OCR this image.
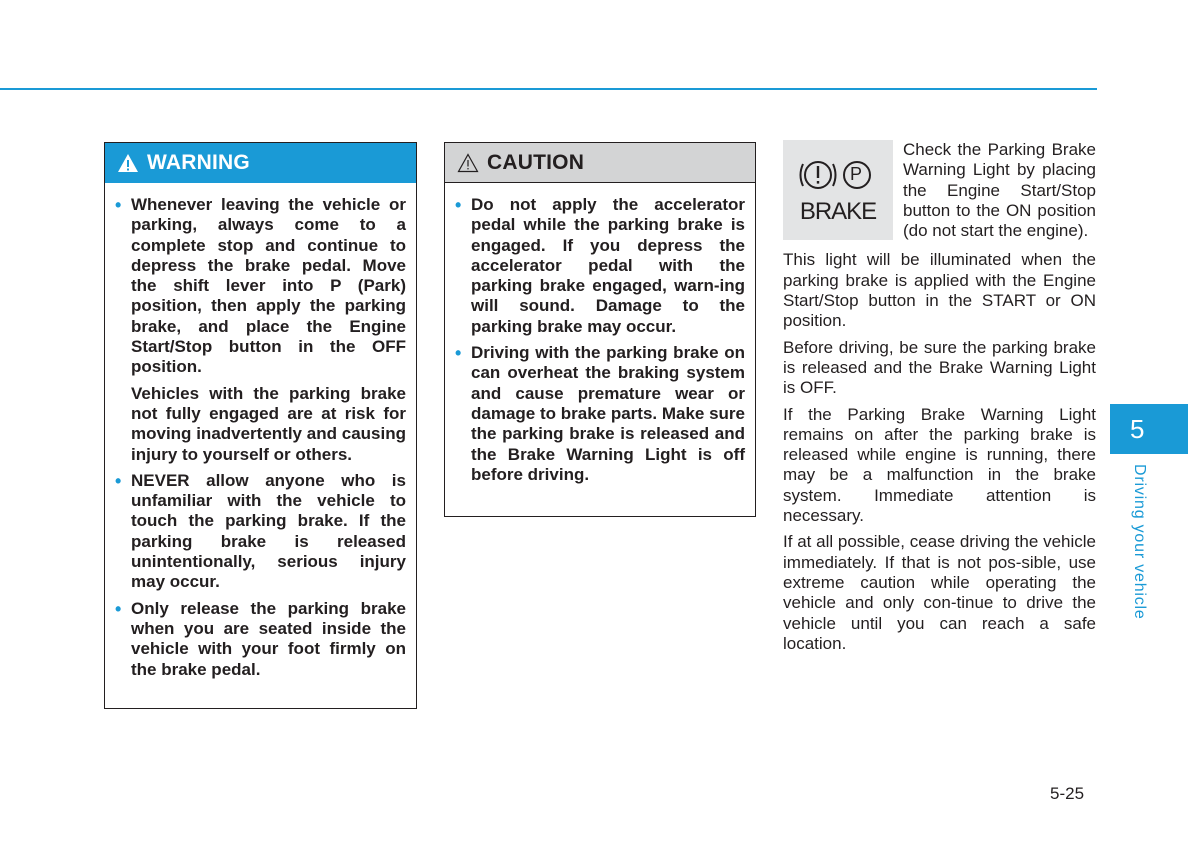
WARNING
• Whenever leaving the vehicle or parking, always come to a complete stop and continue to depress the brake pedal. Move the shift lever into P (Park) position, then apply the parking brake, and place the Engine Start/Stop button in the OFF position.

Vehicles with the parking brake not fully engaged are at risk for moving inadvertently and causing injury to yourself or others.

• NEVER allow anyone who is unfamiliar with the vehicle to touch the parking brake. If the parking brake is released unintentionally, serious injury may occur.

• Only release the parking brake when you are seated inside the vehicle with your foot firmly on the brake pedal.

CAUTION
• Do not apply the accelerator pedal while the parking brake is engaged. If you depress the accelerator pedal with the parking brake engaged, warn-ing will sound. Damage to the parking brake may occur.

• Driving with the parking brake on can overheat the braking system and cause premature wear or damage to brake parts. Make sure the parking brake is released and the Brake Warning Light is off before driving.

P
BRAKE

Check the Parking Brake Warning Light by placing the Engine Start/Stop button to the ON position (do not start the engine).

This light will be illuminated when the parking brake is applied with the Engine Start/Stop button in the START or ON position.

Before driving, be sure the parking brake is released and the Brake Warning Light is OFF.

If the Parking Brake Warning Light remains on after the parking brake is released while engine is running, there may be a malfunction in the brake system. Immediate attention is necessary.

If at all possible, cease driving the vehicle immediately. If that is not pos-sible, use extreme caution while operating the vehicle and only con-tinue to drive the vehicle until you can reach a safe location.

5
Driving your vehicle
5-25
